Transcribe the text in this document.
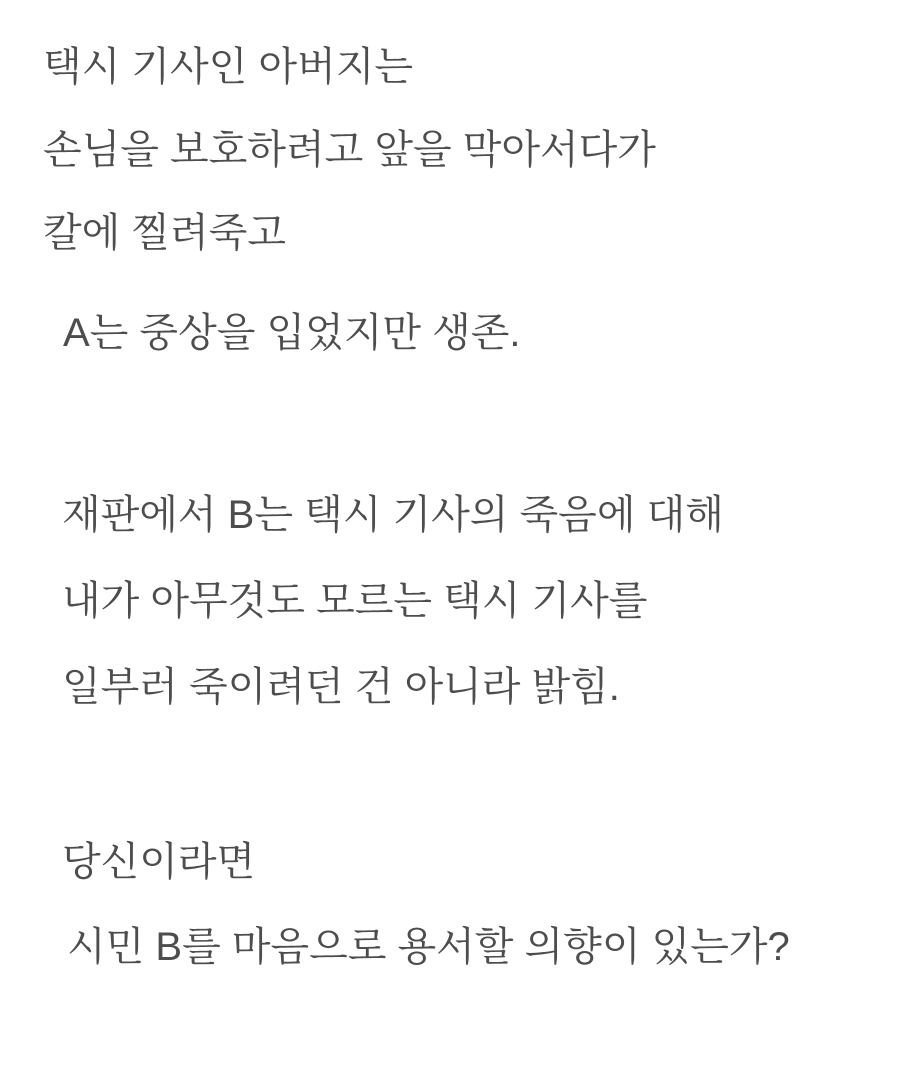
택시 기사인 아버지는
손님을 보호하려고 앞을 막아서다가
칼에 찔려죽고
A는 중상을 입었지만 생존.
재판에서 B는 택시 기사의 죽음에 대해
내가 아무것도 모르는 택시 기사를
일부러 죽이려던 건 아니라 밝힘.
당신이라면
시민 B를 마음으로 용서할 의향이 있는가?
